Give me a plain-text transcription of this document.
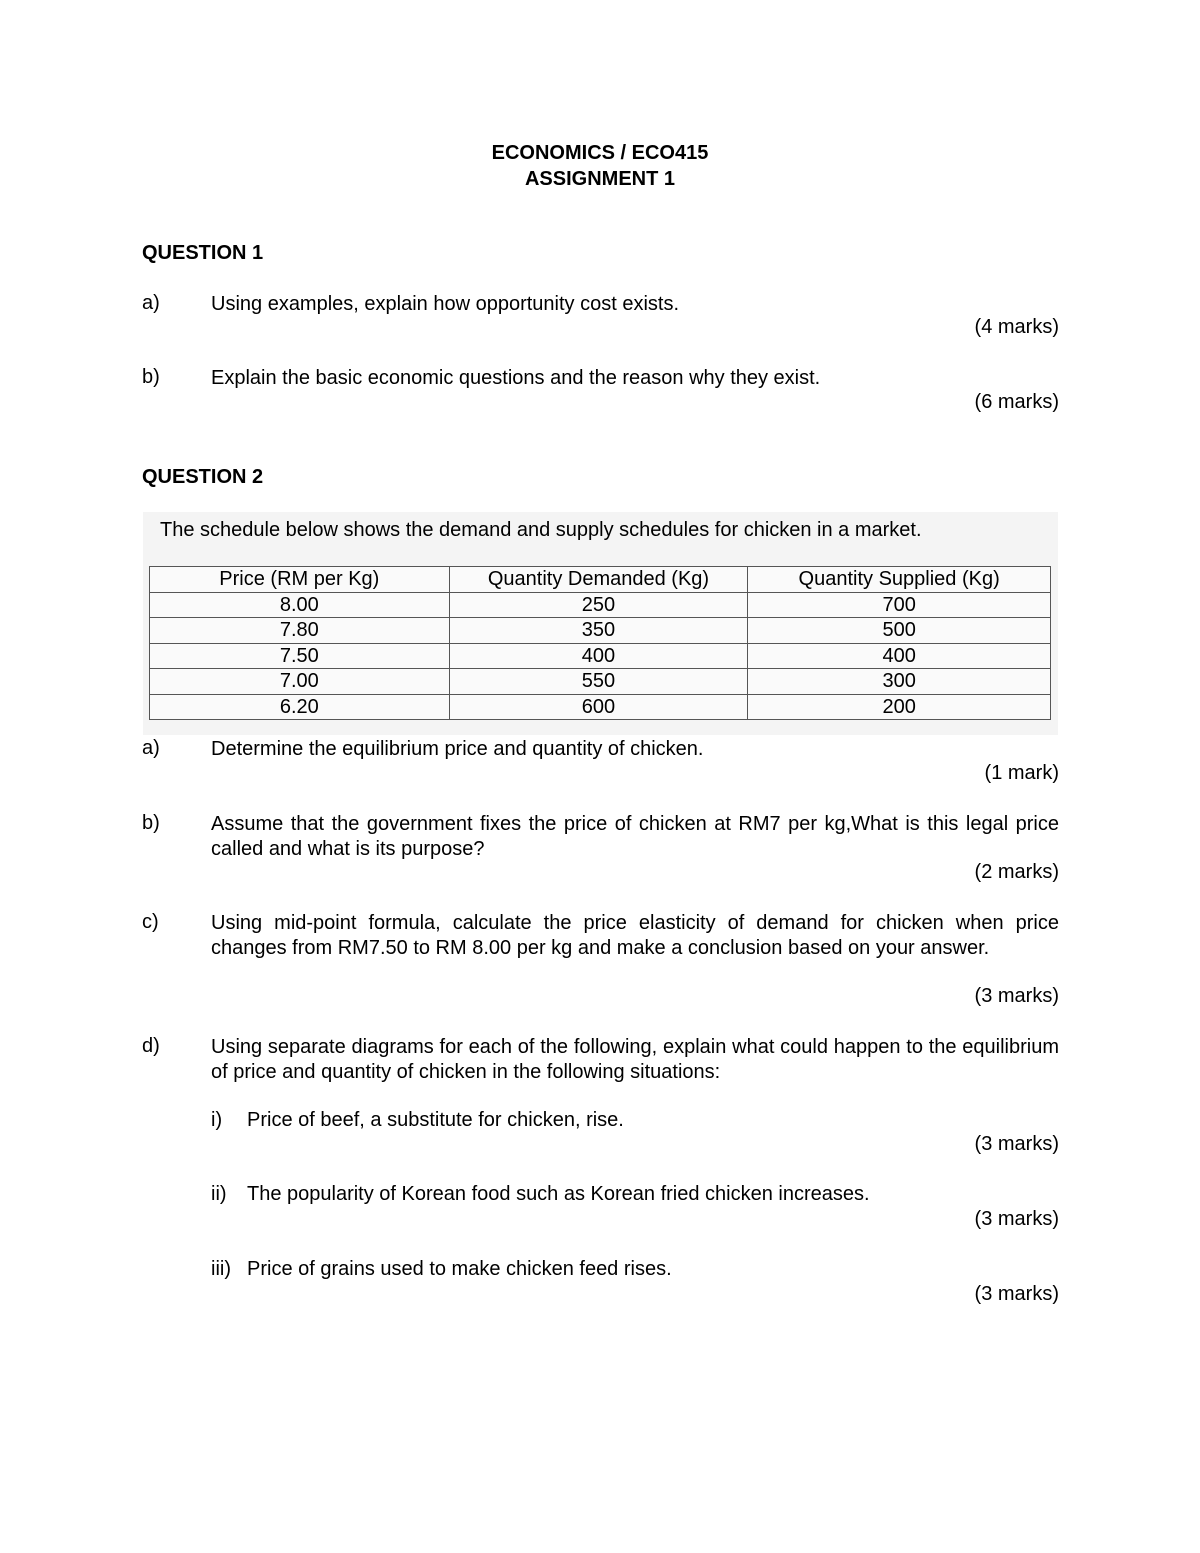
ECONOMICS / ECO415
ASSIGNMENT 1
QUESTION 1
a)	Using examples, explain how opportunity cost exists.
(4 marks)
b)	Explain the basic economic questions and the reason why they exist.
(6 marks)
QUESTION 2
The schedule below shows the demand and supply schedules for chicken in a market.
Price (RM per Kg)	Quantity Demanded (Kg)	Quantity Supplied (Kg)
8.00	250	700
7.80	350	500
7.50	400	400
7.00	550	300
6.20	600	200
a)	Determine the equilibrium price and quantity of chicken.
(1 mark)
b)	Assume that the government fixes the price of chicken at RM7 per kg,What is this legal price called and what is its purpose?
(2 marks)
c)	Using mid-point formula, calculate the price elasticity of demand for chicken when price changes from RM7.50 to RM 8.00 per kg and make a conclusion based on your answer.
(3 marks)
d)	Using separate diagrams for each of the following, explain what could happen to the equilibrium of price and quantity of chicken in the following situations:
i) Price of beef, a substitute for chicken, rise.
(3 marks)
ii) The popularity of Korean food such as Korean fried chicken increases.
(3 marks)
iii) Price of grains used to make chicken feed rises.
(3 marks)
